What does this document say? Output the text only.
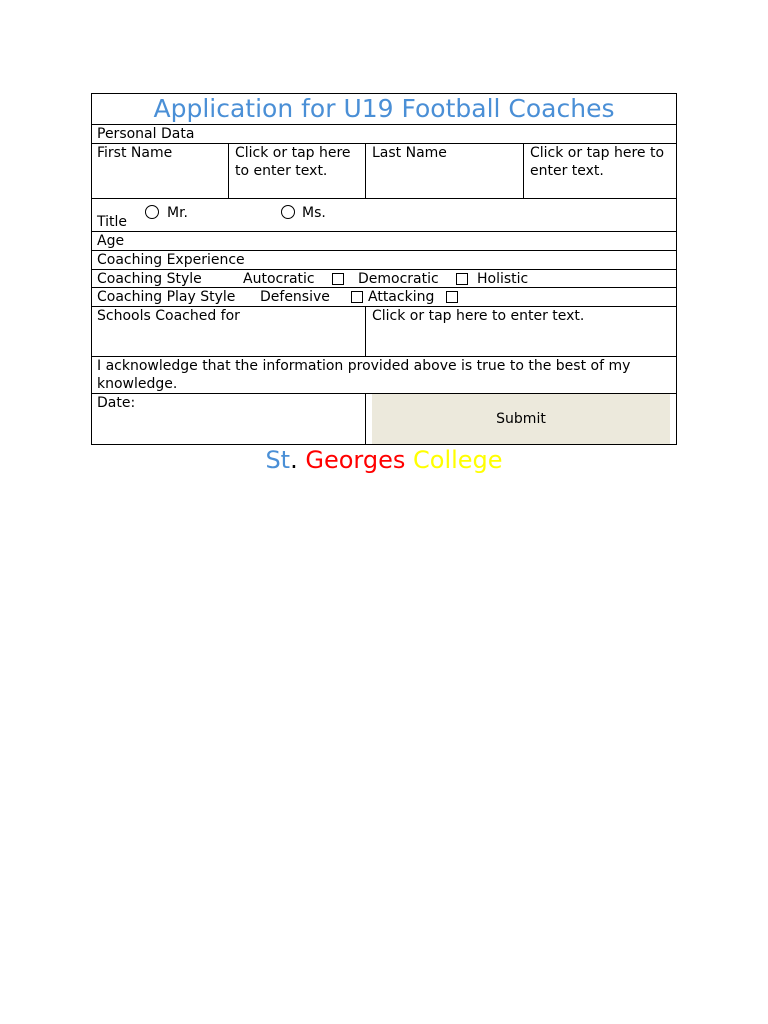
Application for U19 Football Coaches
Personal Data
First Name	Click or tap here to enter text.
Last Name	Click or tap here to enter text.
Title
Mr.	Ms.
Age
Coaching Experience
Coaching Style	Autocratic	Democratic	Holistic
Coaching Play Style Defensive	Attacking
Schools Coached for	Click or tap here to enter text.
I acknowledge that the information provided above is true to the best of my knowledge.
Date:
Submit
St. Georges College
